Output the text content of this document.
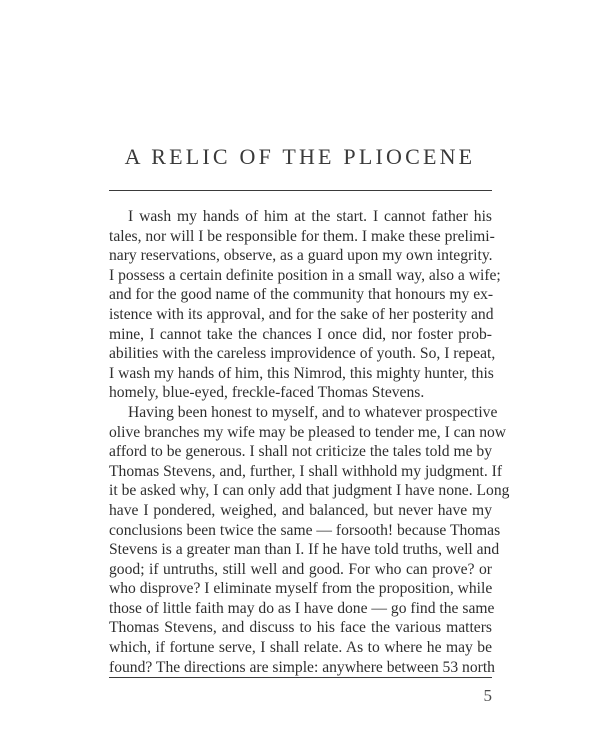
A RELIC OF THE PLIOCENE
I wash my hands of him at the start. I cannot father his
tales, nor will I be responsible for them. I make these prelimi-
nary reservations, observe, as a guard upon my own integrity.
I possess a certain definite position in a small way, also a wife;
and for the good name of the community that honours my ex-
istence with its approval, and for the sake of her posterity and
mine, I cannot take the chances I once did, nor foster prob-
abilities with the careless improvidence of youth. So, I repeat,
I wash my hands of him, this Nimrod, this mighty hunter, this
homely, blue-eyed, freckle-faced Thomas Stevens.
Having been honest to myself, and to whatever prospective
olive branches my wife may be pleased to tender me, I can now
afford to be generous. I shall not criticize the tales told me by
Thomas Stevens, and, further, I shall withhold my judgment. If
it be asked why, I can only add that judgment I have none. Long
have I pondered, weighed, and balanced, but never have my
conclusions been twice the same — forsooth! because Thomas
Stevens is a greater man than I. If he have told truths, well and
good; if untruths, still well and good. For who can prove? or
who disprove? I eliminate myself from the proposition, while
those of little faith may do as I have done — go find the same
Thomas Stevens, and discuss to his face the various matters
which, if fortune serve, I shall relate. As to where he may be
found? The directions are simple: anywhere between 53 north
5
